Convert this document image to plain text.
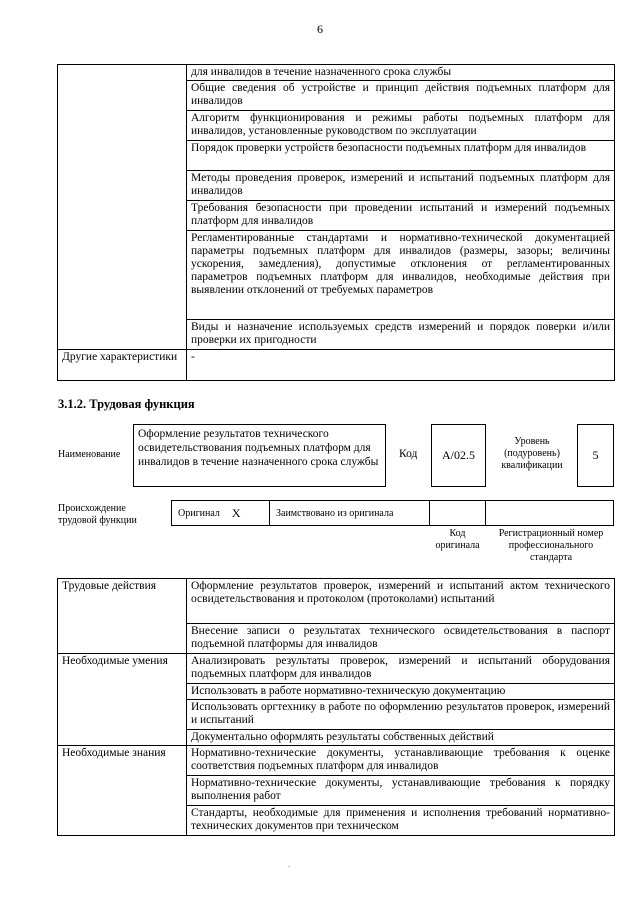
6
	для инвалидов в течение назначенного срока службы
	Общие сведения об устройстве и принцип действия подъемных платформ для инвалидов
	Алгоритм функционирования и режимы работы подъемных платформ для инвалидов, установленные руководством по эксплуатации
	Порядок проверки устройств безопасности подъемных платформ для инвалидов
	Методы проведения проверок, измерений и испытаний подъемных платформ для инвалидов
	Требования безопасности при проведении испытаний и измерений подъемных платформ для инвалидов
	Регламентированные стандартами и нормативно-технической документацией параметры подъемных платформ для инвалидов (размеры, зазоры; величины ускорения, замедления), допустимые отклонения от регламентированных параметров подъемных платформ для инвалидов, необходимые действия при выявлении отклонений от требуемых параметров
	Виды и назначение используемых средств измерений и порядок поверки и/или проверки их пригодности
Другие характеристики	-
3.1.2. Трудовая функция
Наименование
Оформление результатов технического освидетельствования подъемных платформ для инвалидов в течение назначенного срока службы
Код А/02.5
Уровень (подуровень) квалификации
5
Происхождение трудовой функции
Оригинал X	Заимствовано из оригинала
Код оригинала
Регистрационный номер профессионального стандарта
Трудовые действия	Оформление результатов проверок, измерений и испытаний актом технического освидетельствования и протоколом (протоколами) испытаний
	Внесение записи о результатах технического освидетельствования в паспорт подъемной платформы для инвалидов
Необходимые умения	Анализировать результаты проверок, измерений и испытаний оборудования подъемных платформ для инвалидов
	Использовать в работе нормативно-техническую документацию
	Использовать оргтехнику в работе по оформлению результатов проверок, измерений и испытаний
	Документально оформлять результаты собственных действий
Необходимые знания	Нормативно-технические документы, устанавливающие требования к оценке соответствия подъемных платформ для инвалидов
	Нормативно-технические документы, устанавливающие требования к порядку выполнения работ
	Стандарты, необходимые для применения и исполнения требований нормативно-технических документов при техническом
.
